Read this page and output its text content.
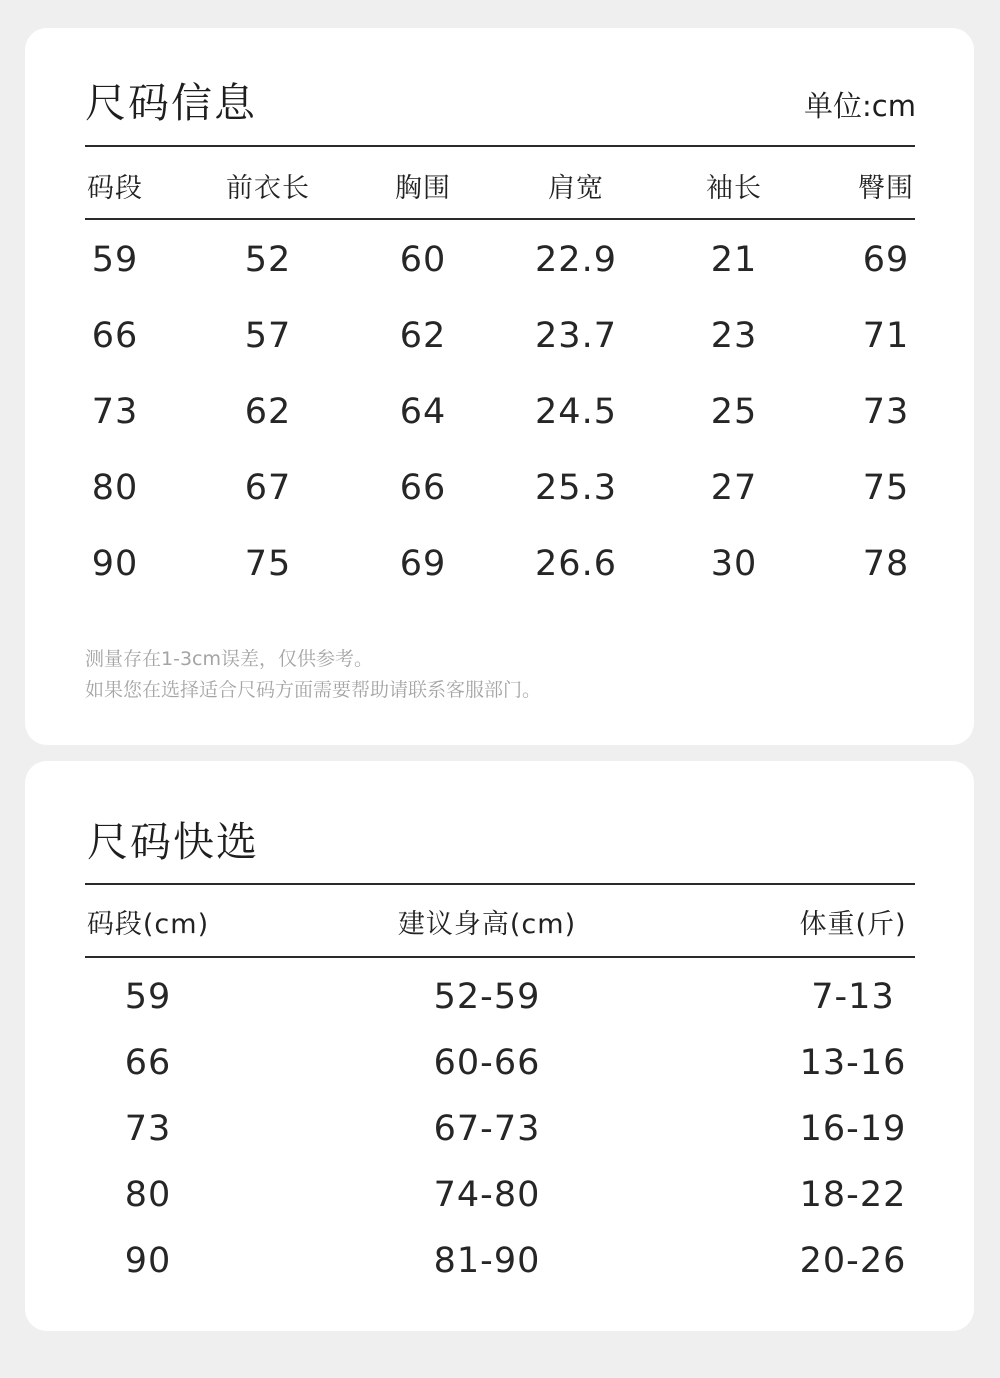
尺码信息	单位:cm
码段	前衣长	胸围	肩宽	袖长	臀围
59	52	60	22.9	21	69
66	57	62	23.7	23	71
73	62	64	24.5	25	73
80	67	66	25.3	27	75
90	75	69	26.6	30	78
测量存在1-3cm误差，仅供参考。
如果您在选择适合尺码方面需要帮助请联系客服部门。
尺码快选
码段(cm)	建议身高(cm)	体重(斤)
59	52-59	7-13
66	60-66	13-16
73	67-73	16-19
80	74-80	18-22
90	81-90	20-26
